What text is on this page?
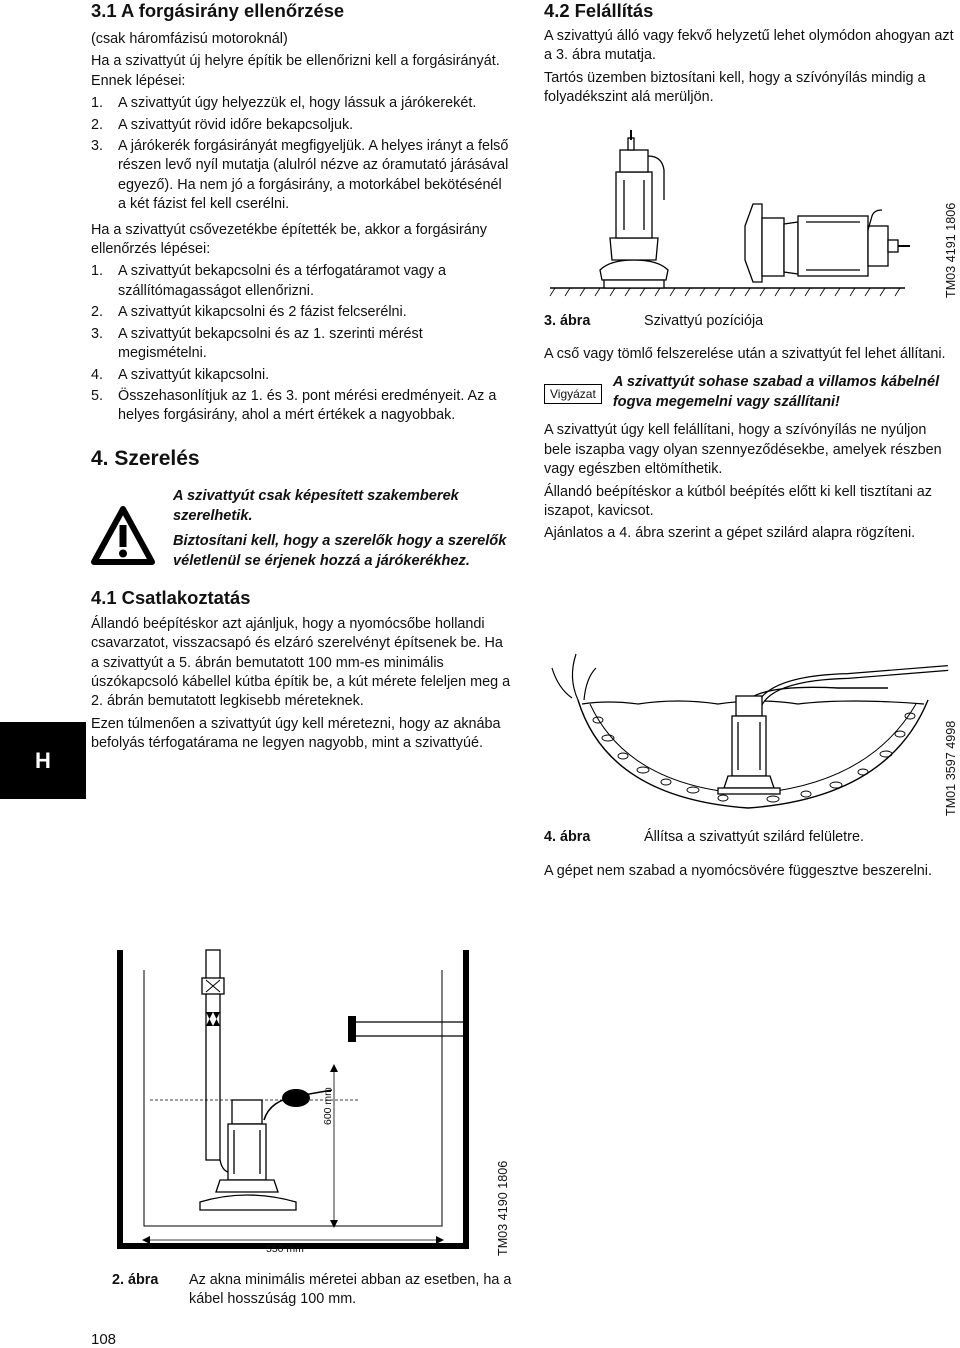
3.1 A forgásirány ellenőrzése

(csak háromfázisú motoroknál)

Ha a szivattyút új helyre építik be ellenőrizni kell a forgásirányát. Ennek lépései:

1.	A szivattyút úgy helyezzük el, hogy lássuk a járókerekét.
2.	A szivattyút rövid időre bekapcsoljuk.
3.	A járókerék forgásirányát megfigyeljük. A helyes irányt a felső részen levő nyíl mutatja (alulról nézve az óramutató járásával egyező). Ha nem jó a forgásirány, a motorkábel bekötésénél a két fázist fel kell cserélni.

Ha a szivattyút csővezetékbe építették be, akkor a forgásirány ellenőrzés lépései:

1.	A szivattyút bekapcsolni és a térfogatáramot vagy a szállítómagasságot ellenőrizni.
2.	A szivattyút kikapcsolni és 2 fázist felcserélni.
3.	A szivattyút bekapcsolni és az 1. szerinti mérést megismételni.
4.	A szivattyút kikapcsolni.
5.	Összehasonlítjuk az 1. és 3. pont mérési eredményeit. Az a helyes forgásirány, ahol a mért értékek a nagyobbak.
4. Szerelés

A szivattyút csak képesített szakemberek szerelhetik.

Biztosítani kell, hogy a szerelők hogy a szerelők véletlenül se érjenek hozzá a járókerékhez.

4.1 Csatlakoztatás

Állandó beépítéskor azt ajánljuk, hogy a nyomócsőbe hollandi csavarzatot, visszacsapó és elzáró szerelvényt építsenek be. Ha a szivattyút a 5. ábrán bemutatott 100 mm-es minimális úszókapcsoló kábellel kútba építik be, a kút mérete feleljen meg a 2. ábrán bemutatott legkisebb méreteknek.

Ezen túlmenően a szivattyút úgy kell méretezni, hogy az aknába befolyás térfogatárama ne legyen nagyobb, mint a szivattyúé.

4.2 Felállítás

A szivattyú álló vagy fekvő helyzetű lehet olymódon ahogyan azt a 3. ábra mutatja.

Tartós üzemben biztosítani kell, hogy a szívónyílás mindig a folyadékszint alá merüljön.

TM03 4191 1806
3. ábra	Szivattyú pozíciója

A cső vagy tömlő felszerelése után a szivattyút fel lehet állítani.

Vigyázat

A szivattyút sohase szabad a villamos kábelnél fogva megemelni vagy szállítani!

A szivattyút úgy kell felállítani, hogy a szívónyílás ne nyúljon bele iszapba vagy olyan szennyeződésekbe, amelyek részben vagy egészben eltömíthetik.

Állandó beépítéskor a kútból beépítés előtt ki kell tisztítani az iszapot, kavicsot.

Ajánlatos a 4. ábra szerint a gépet szilárd alapra rögzíteni.

TM01 3597 4998
4. ábra	Állítsa a szivattyút szilárd felületre.

A gépet nem szabad a nyomócsövére függesztve beszerelni.

600 mm
550 mm	TM03 4190 1806
2. ábra	Az akna minimális méretei abban az esetben, ha a kábel hosszúság 100 mm.
H
108
